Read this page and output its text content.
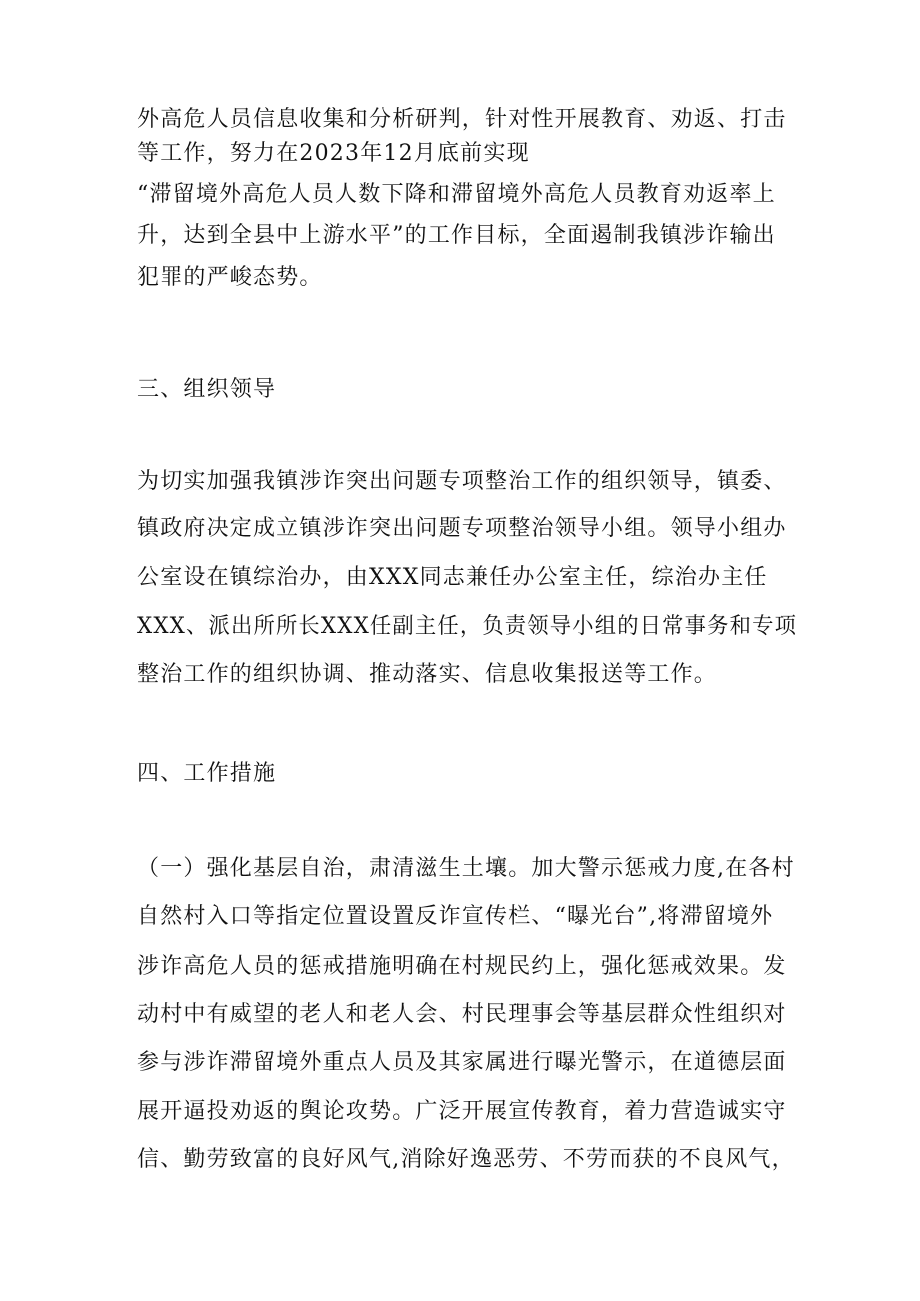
外高危人员信息收集和分析研判，针对性开展教育、劝返、打击
等工作，努力在2023年12月底前实现
“滞留境外高危人员人数下降和滞留境外高危人员教育劝返率上
升，达到全县中上游水平”的工作目标，全面遏制我镇涉诈输出
犯罪的严峻态势。
三、组织领导
为切实加强我镇涉诈突出问题专项整治工作的组织领导，镇委、
镇政府决定成立镇涉诈突出问题专项整治领导小组。领导小组办
公室设在镇综治办，由XXX同志兼任办公室主任，综治办主任
XXX、派出所所长XXX任副主任，负责领导小组的日常事务和专项
整治工作的组织协调、推动落实、信息收集报送等工作。
四、工作措施
（一）强化基层自治，肃清滋生土壤。加大警示惩戒力度,在各村
自然村入口等指定位置设置反诈宣传栏、“曝光台”,将滞留境外
涉诈高危人员的惩戒措施明确在村规民约上，强化惩戒效果。发
动村中有威望的老人和老人会、村民理事会等基层群众性组织对
参与涉诈滞留境外重点人员及其家属进行曝光警示，在道德层面
展开逼投劝返的舆论攻势。广泛开展宣传教育，着力营造诚实守
信、勤劳致富的良好风气,消除好逸恶劳、不劳而获的不良风气，
